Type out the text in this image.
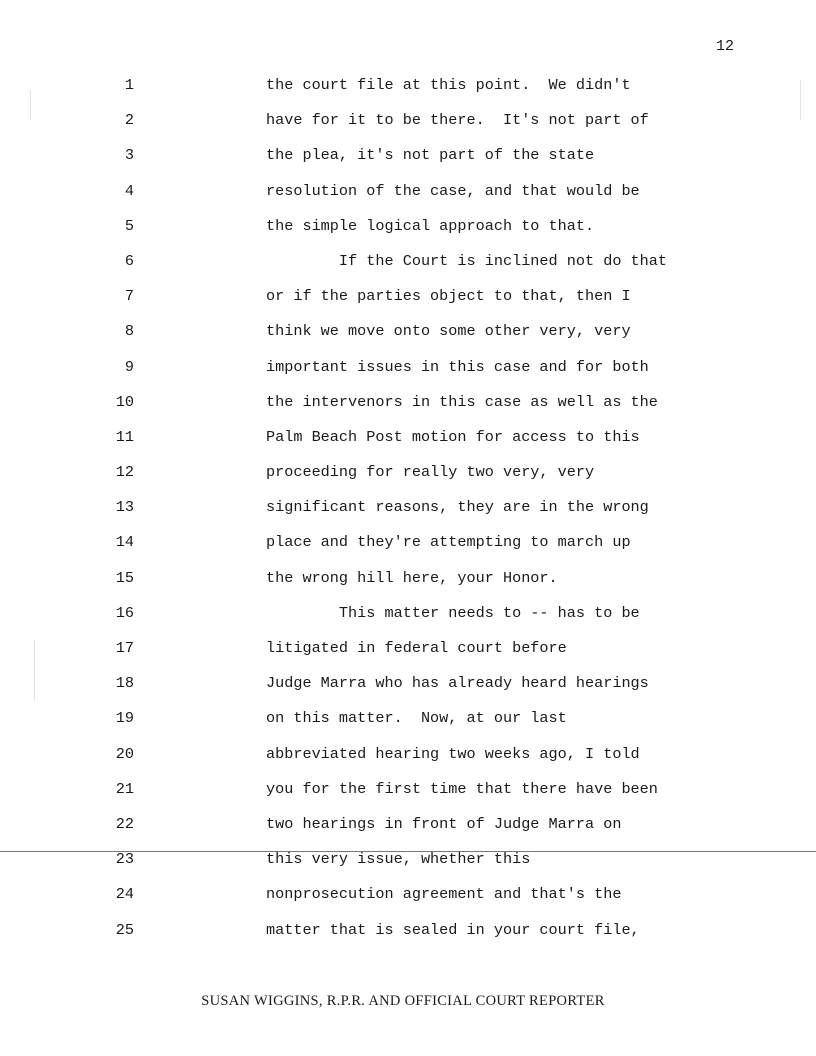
12
1	the court file at this point.  We didn't
2	have for it to be there.  It's not part of
3	the plea, it's not part of the state
4	resolution of the case, and that would be
5	the simple logical approach to that.
6	If the Court is inclined not do that
7	or if the parties object to that, then I
8	think we move onto some other very, very
9	important issues in this case and for both
10	the intervenors in this case as well as the
11	Palm Beach Post motion for access to this
12	proceeding for really two very, very
13	significant reasons, they are in the wrong
14	place and they're attempting to march up
15	the wrong hill here, your Honor.
16	This matter needs to -- has to be
17	litigated in federal court before
18	Judge Marra who has already heard hearings
19	on this matter.  Now, at our last
20	abbreviated hearing two weeks ago, I told
21	you for the first time that there have been
22	two hearings in front of Judge Marra on
23	this very issue, whether this
24	nonprosecution agreement and that's the
25	matter that is sealed in your court file,
SUSAN WIGGINS, R.P.R. AND OFFICIAL COURT REPORTER
